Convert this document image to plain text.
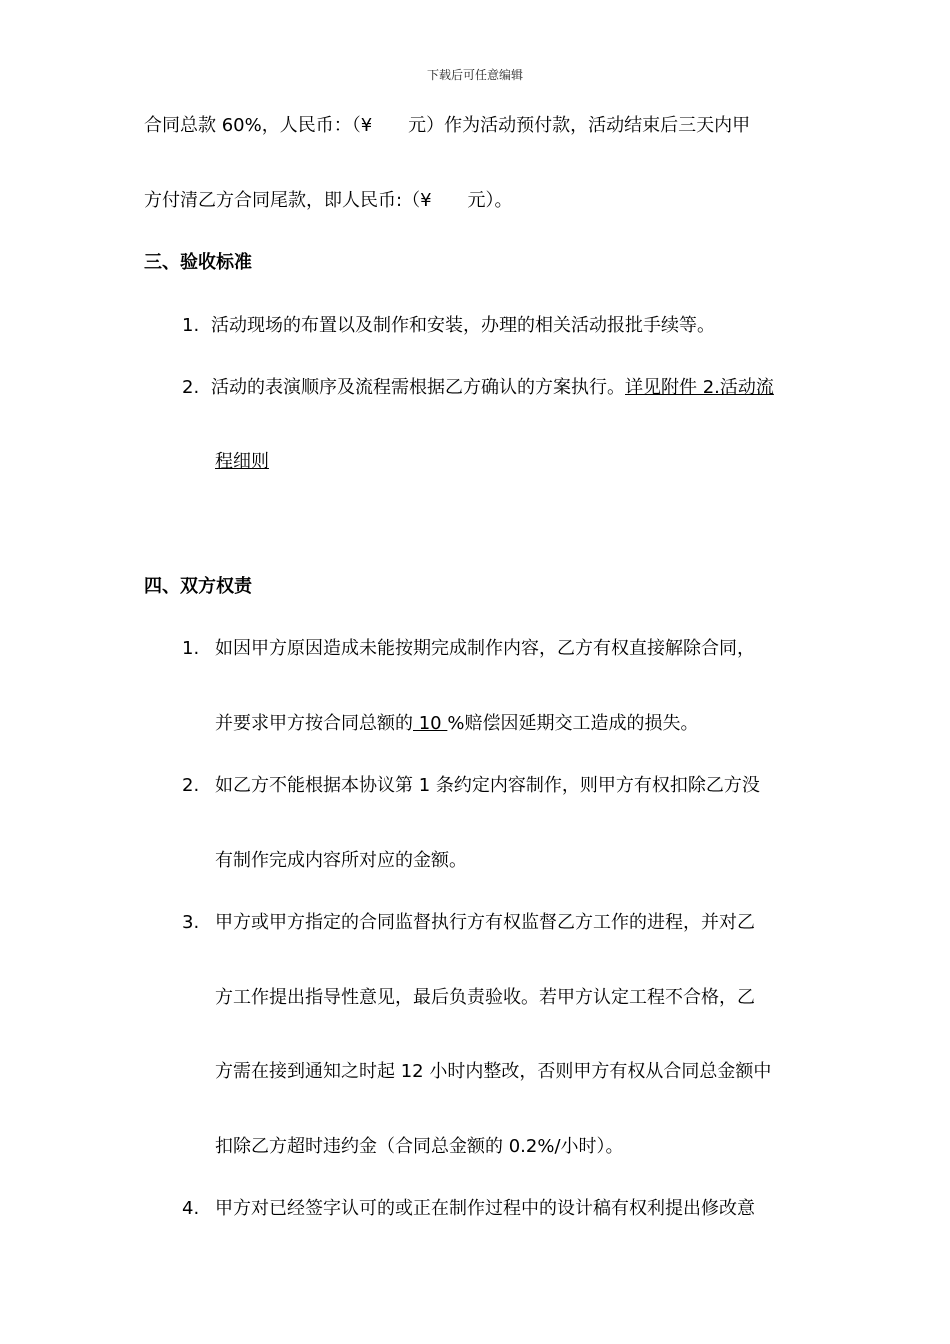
下载后可任意编辑
合同总款 60%，人民币：（¥　　元）作为活动预付款，活动结束后三天内甲
方付清乙方合同尾款，即人民币:（¥　　元）。
三、验收标准
1. 活动现场的布置以及制作和安装，办理的相关活动报批手续等。
2. 活动的表演顺序及流程需根据乙方确认的方案执行。详见附件 2.活动流
程细则
四、双方权责
1. 如因甲方原因造成未能按期完成制作内容，乙方有权直接解除合同，
并要求甲方按合同总额的 10 %赔偿因延期交工造成的损失。
2. 如乙方不能根据本协议第 1 条约定内容制作，则甲方有权扣除乙方没
有制作完成内容所对应的金额。
3. 甲方或甲方指定的合同监督执行方有权监督乙方工作的进程，并对乙
方工作提出指导性意见，最后负责验收。若甲方认定工程不合格，乙
方需在接到通知之时起 12 小时内整改，否则甲方有权从合同总金额中
扣除乙方超时违约金（合同总金额的 0.2%/小时）。
4. 甲方对已经签字认可的或正在制作过程中的设计稿有权利提出修改意
